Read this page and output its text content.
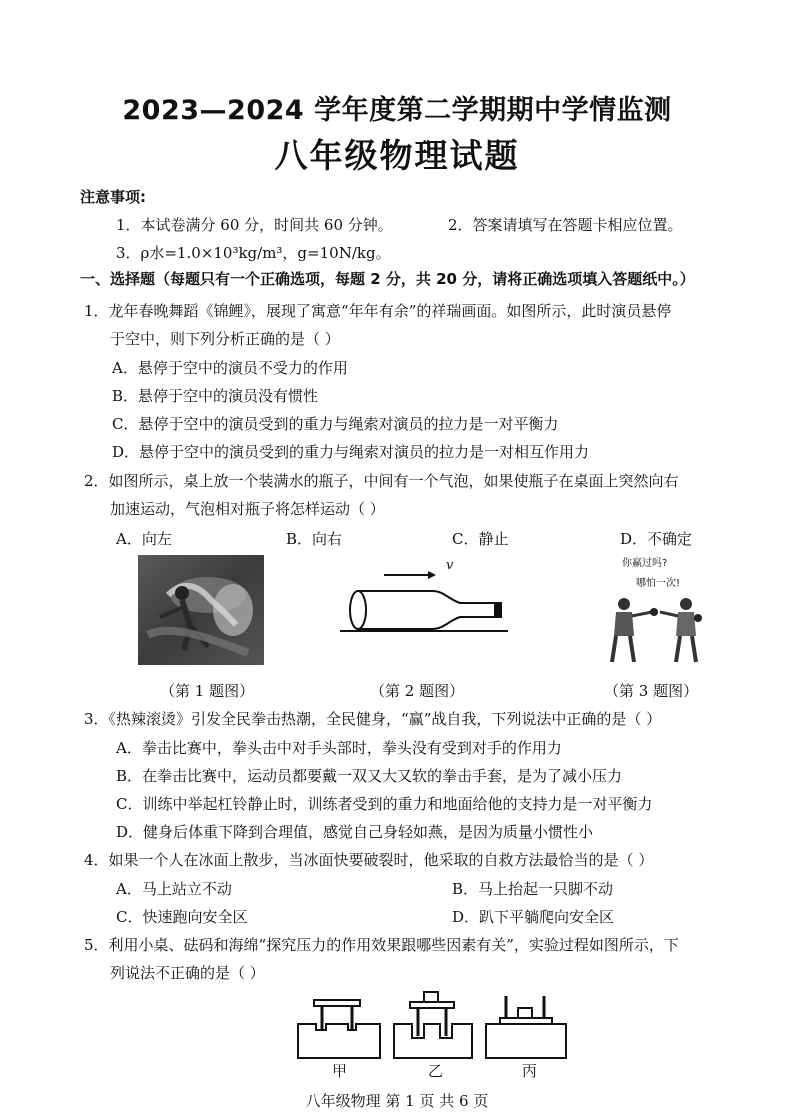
2023—2024 学年度第二学期期中学情监测
八年级物理试题
注意事项:
1．本试卷满分 60 分，时间共 60 分钟。	2．答案请填写在答题卡相应位置。
3．ρ水=1.0×10³kg/m³，g=10N/kg。
一、选择题（每题只有一个正确选项，每题 2 分，共 20 分，请将正确选项填入答题纸中。）
1．龙年春晚舞蹈《锦鲤》，展现了寓意“年年有余”的祥瑞画面。如图所示，此时演员悬停
于空中，则下列分析正确的是（ ）
A．悬停于空中的演员不受力的作用
B．悬停于空中的演员没有惯性
C．悬停于空中的演员受到的重力与绳索对演员的拉力是一对平衡力
D．悬停于空中的演员受到的重力与绳索对演员的拉力是一对相互作用力
2．如图所示，桌上放一个装满水的瓶子，中间有一个气泡，如果使瓶子在桌面上突然向右
加速运动，气泡相对瓶子将怎样运动（ ）
A．向左	B．向右	C．静止	D．不确定
v	你赢过吗?
哪怕一次!
（第 1 题图）	（第 2 题图）	（第 3 题图）
3．《热辣滚烫》引发全民拳击热潮，全民健身，“赢”战自我，下列说法中正确的是（ ）
A．拳击比赛中，拳头击中对手头部时，拳头没有受到对手的作用力
B．在拳击比赛中，运动员都要戴一双又大又软的拳击手套，是为了减小压力
C．训练中举起杠铃静止时，训练者受到的重力和地面给他的支持力是一对平衡力
D．健身后体重下降到合理值，感觉自己身轻如燕，是因为质量小惯性小
4．如果一个人在冰面上散步，当冰面快要破裂时，他采取的自救方法最恰当的是（ ）
A．马上站立不动	B．马上抬起一只脚不动
C．快速跑向安全区	D．趴下平躺爬向安全区
5．利用小桌、砝码和海绵“探究压力的作用效果跟哪些因素有关”，实验过程如图所示，下
列说法不正确的是（ ）
甲	乙	丙
八年级物理 第 1 页 共 6 页
